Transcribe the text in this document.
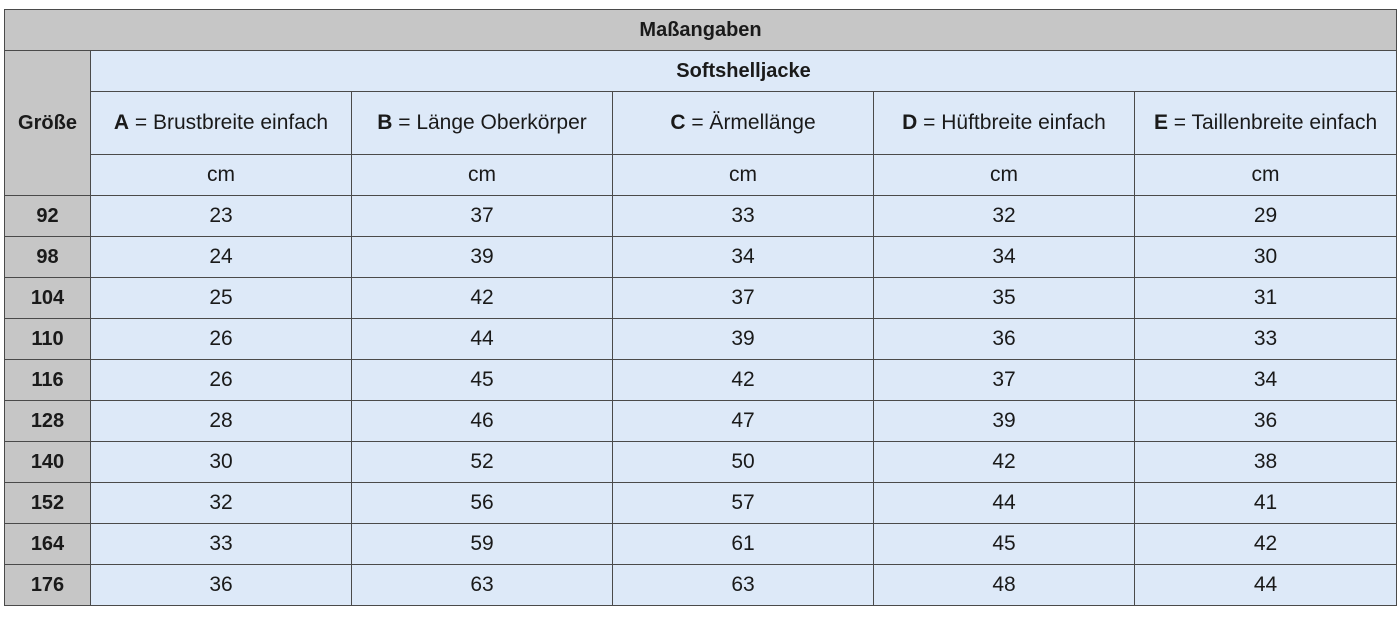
Maßangaben					
Größe	Softshelljacke				
	A = Brustbreite einfach	B = Länge Oberkörper	C = Ärmellänge	D = Hüftbreite einfach	E = Taillenbreite einfach
	cm	cm	cm	cm	cm
92	23	37	33	32	29
98	24	39	34	34	30
104	25	42	37	35	31
110	26	44	39	36	33
116	26	45	42	37	34
128	28	46	47	39	36
140	30	52	50	42	38
152	32	56	57	44	41
164	33	59	61	45	42
176	36	63	63	48	44
